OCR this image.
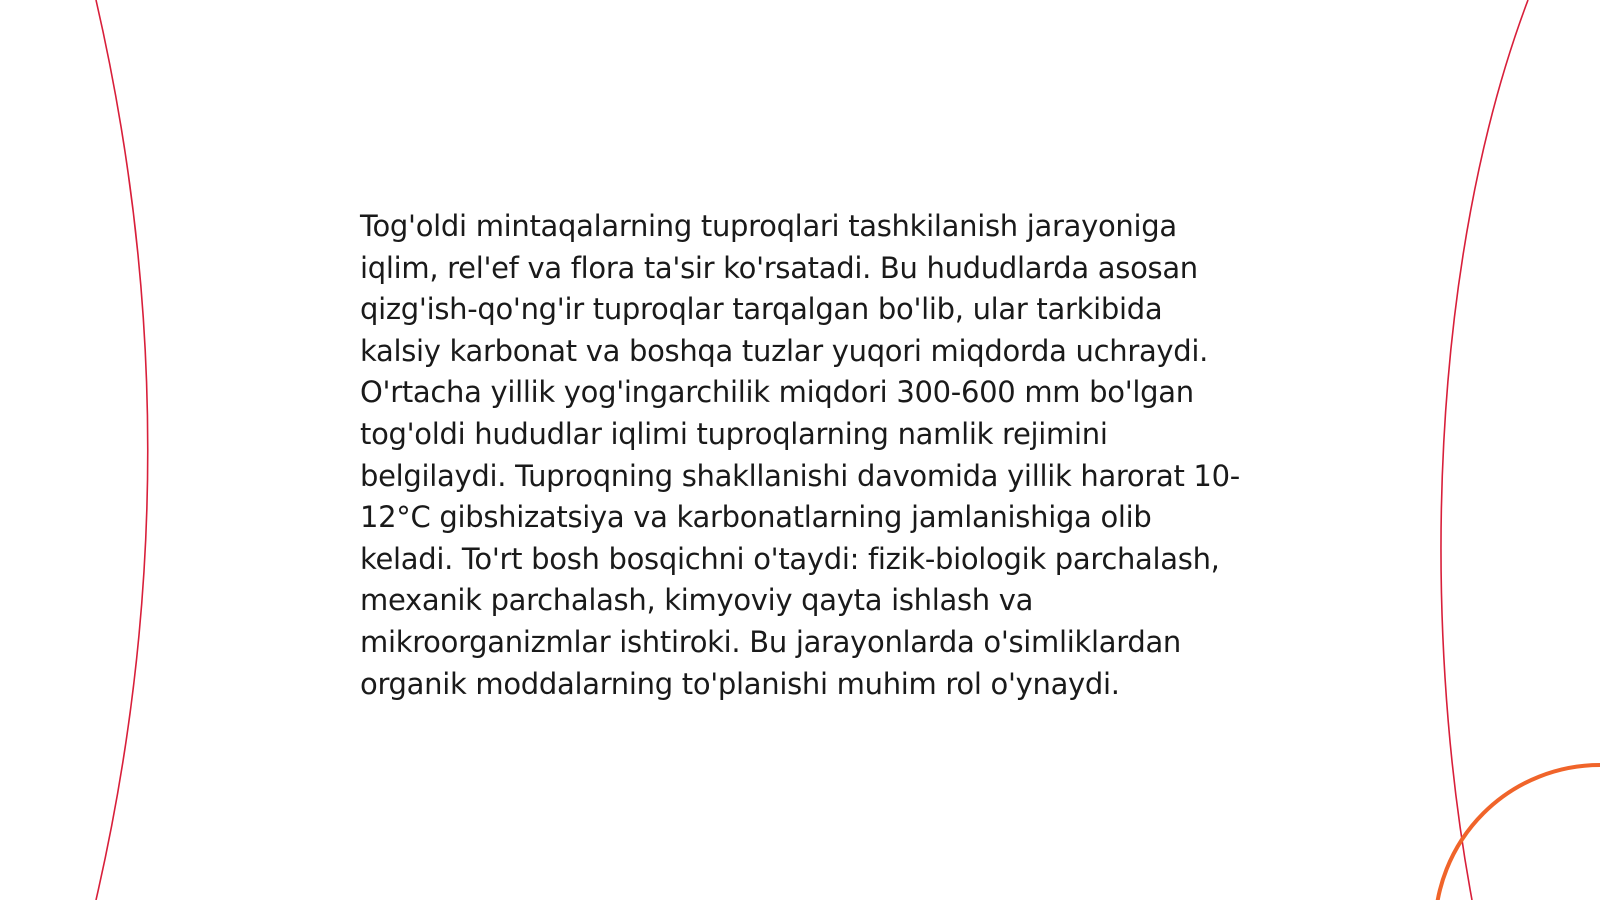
Tog'oldi mintaqalarning tuproqlari tashkilanish jarayoniga iqlim, rel'ef va flora ta'sir ko'rsatadi. Bu hududlarda asosan qizg'ish-qo'ng'ir tuproqlar tarqalgan bo'lib, ular tarkibida kalsiy karbonat va boshqa tuzlar yuqori miqdorda uchraydi. O'rtacha yillik yog'ingarchilik miqdori 300-600 mm bo'lgan tog'oldi hududlar iqlimi tuproqlarning namlik rejimini belgilaydi. Tuproqning shakllanishi davomida yillik harorat 10-12°C gibshizatsiya va karbonatlarning jamlanishiga olib keladi. To'rt bosh bosqichni o'taydi: fizik-biologik parchalash, mexanik parchalash, kimyoviy qayta ishlash va mikroorganizmlar ishtiroki. Bu jarayonlarda o'simliklardan organik moddalarning to'planishi muhim rol o'ynaydi.
